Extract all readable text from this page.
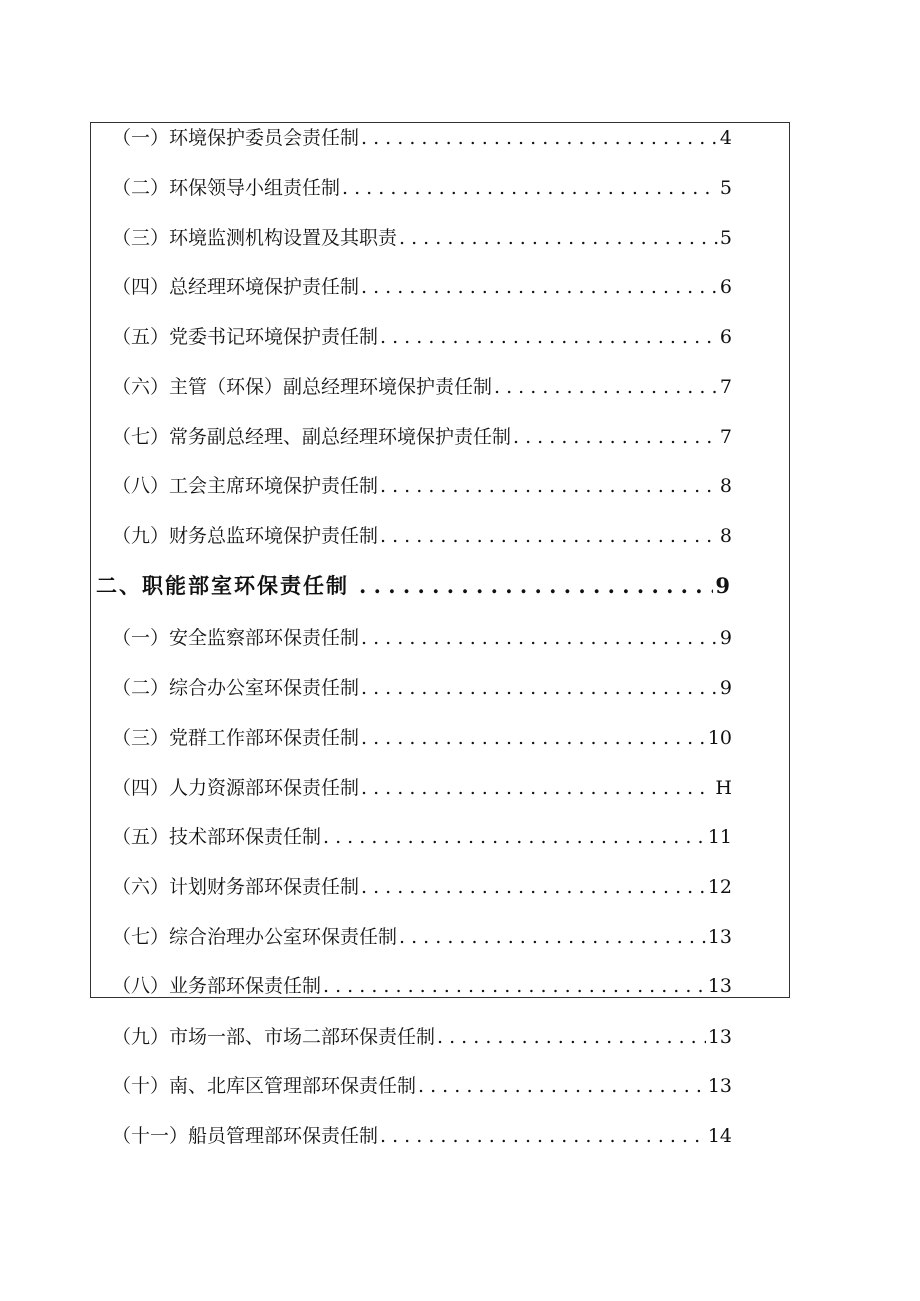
（一）环境保护委员会责任制 . . .	4
（二）环保领导小组责任制 . . .	5
（三）环境监测机构设置及其职责 . . .	5
（四）总经理环境保护责任制 . . .	6
（五）党委书记环境保护责任制 . . .	6
（六）主管（环保）副总经理环境保护责任制 . . .	7
（七）常务副总经理、副总经理环境保护责任制 . . .	7
（八）工会主席环境保护责任制 . . .	8
（九）财务总监环境保护责任制 . . .	8
二、职能部室环保责任制 . . .	9
（一）安全监察部环保责任制 . . .	9
（二）综合办公室环保责任制 . . .	9
（三）党群工作部环保责任制 . . .	10
（四）人力资源部环保责任制 . . .	H
（五）技术部环保责任制 . . .	11
（六）计划财务部环保责任制 . . .	12
（七）综合治理办公室环保责任制 . . .	13
（八）业务部环保责任制 . . .	13
（九）市场一部、市场二部环保责任制 . . .	13
（十）南、北库区管理部环保责任制 . . .	13
（十一）船员管理部环保责任制 . . .	14
